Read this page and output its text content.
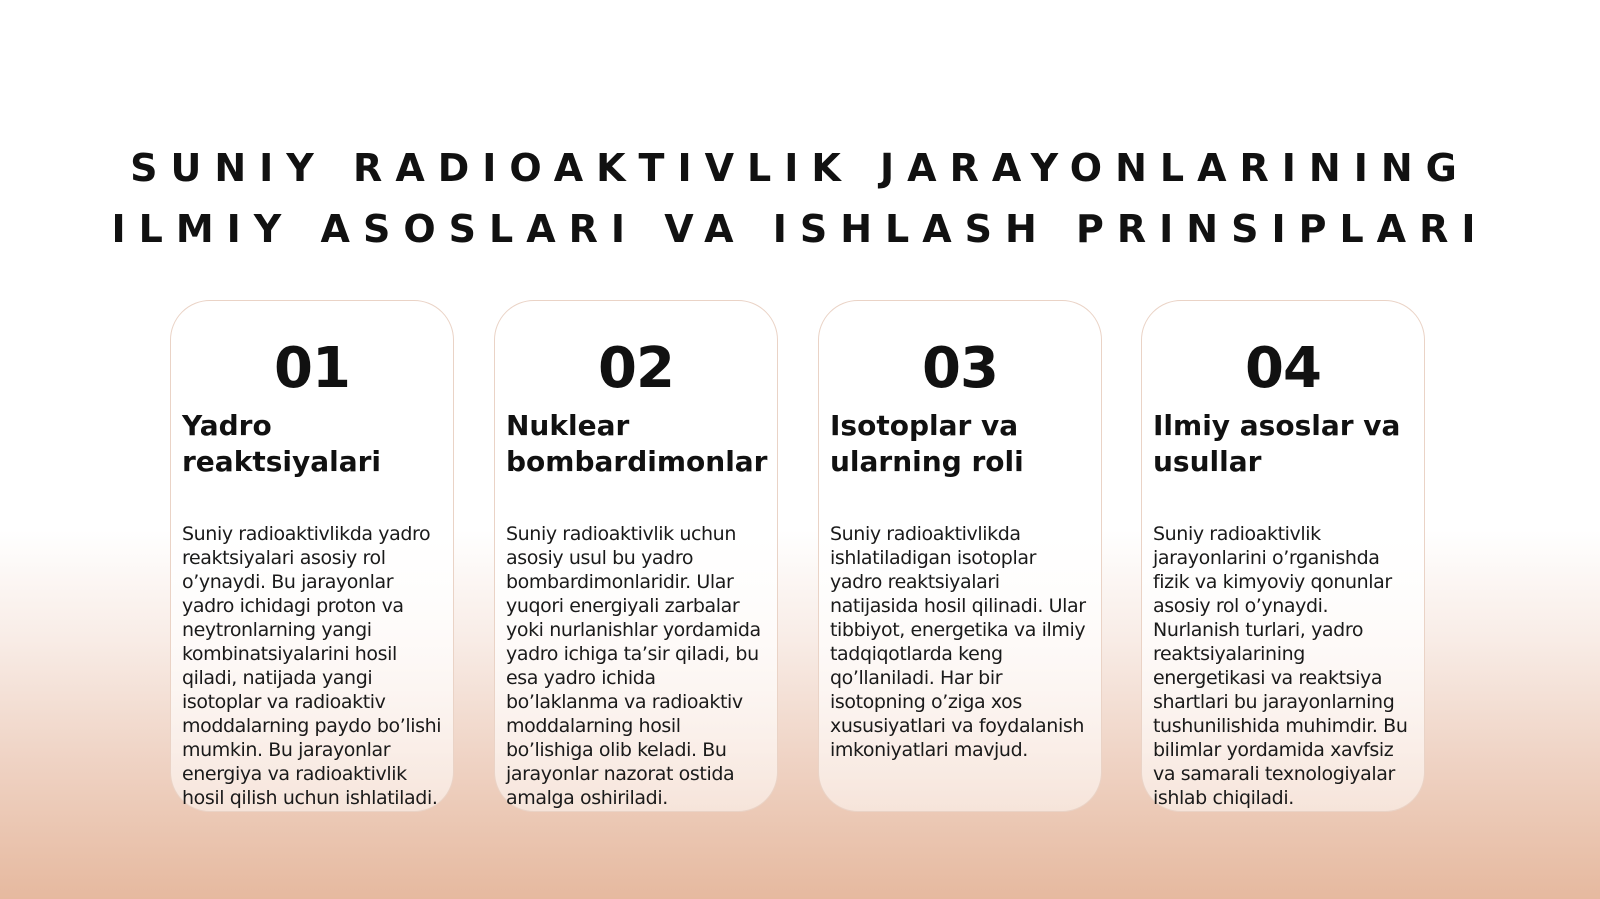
SUNIY RADIOAKTIVLIK JARAYONLARINING
ILMIY ASOSLARI VA ISHLASH PRINSIPLARI
01
Yadro reaktsiyalari
Suniy radioaktivlikda yadro reaktsiyalari asosiy rol o’ynaydi. Bu jarayonlar yadro ichidagi proton va neytronlarning yangi kombinatsiyalarini hosil qiladi, natijada yangi isotoplar va radioaktiv moddalarning paydo bo’lishi mumkin. Bu jarayonlar energiya va radioaktivlik hosil qilish uchun ishlatiladi.
02
Nuklear bombardimonlar
Suniy radioaktivlik uchun asosiy usul bu yadro bombardimonlaridir. Ular yuqori energiyali zarbalar yoki nurlanishlar yordamida yadro ichiga ta’sir qiladi, bu esa yadro ichida bo’laklanma va radioaktiv moddalarning hosil bo’lishiga olib keladi. Bu jarayonlar nazorat ostida amalga oshiriladi.
03
Isotoplar va ularning roli
Suniy radioaktivlikda ishlatiladigan isotoplar yadro reaktsiyalari natijasida hosil qilinadi. Ular tibbiyot, energetika va ilmiy tadqiqotlarda keng qo’llaniladi. Har bir isotopning o’ziga xos xususiyatlari va foydalanish imkoniyatlari mavjud.
04
Ilmiy asoslar va usullar
Suniy radioaktivlik jarayonlarini o’rganishda fizik va kimyoviy qonunlar asosiy rol o’ynaydi. Nurlanish turlari, yadro reaktsiyalarining energetikasi va reaktsiya shartlari bu jarayonlarning tushunilishida muhimdir. Bu bilimlar yordamida xavfsiz va samarali texnologiyalar ishlab chiqiladi.
